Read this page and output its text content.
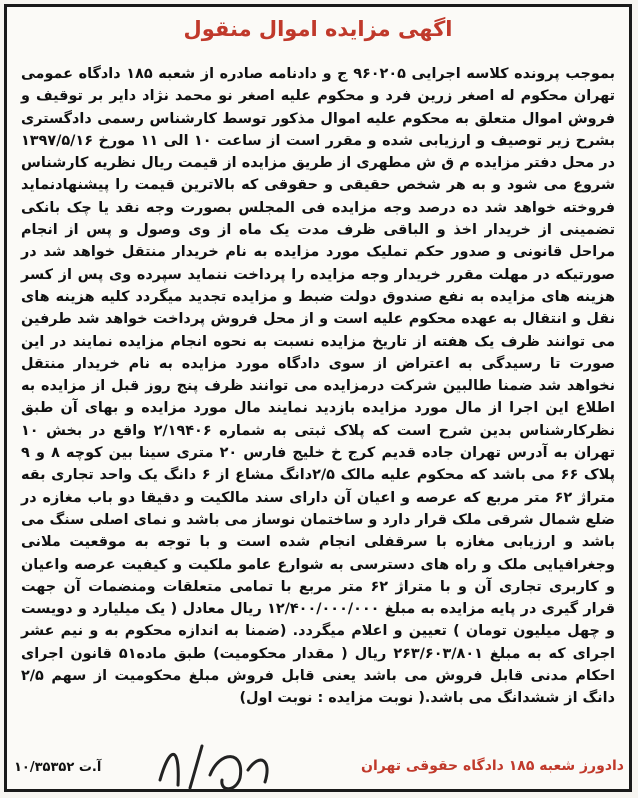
اگهی مزایده اموال منقول
بموجب پرونده کلاسه اجرایی ۹۶۰۲۰۵ ج و دادنامه صادره از شعبه ۱۸۵ دادگاه عمومی تهران محکوم له اصغر زرین فرد و محکوم علیه اصغر نو محمد نژاد دایر بر توقیف و فروش اموال متعلق به محکوم علیه اموال مذکور توسط کارشناس رسمی دادگستری بشرح زیر توصیف و ارزیابی شده و مقرر است از ساعت ۱۰ الی ۱۱ مورخ ۱۳۹۷/۵/۱۶ در محل دفتر مزایده م ق ش مطهری از طریق مزایده از قیمت ریال نظریه کارشناس شروع می شود و به هر شخص حقیقی و حقوقی که بالاترین قیمت را پیشنهادنماید فروخته خواهد شد ده درصد وجه مزایده فی المجلس بصورت وجه نقد یا چک بانکی تضمینی از خریدار اخذ و الباقی ظرف مدت یک ماه از وی وصول و پس از انجام مراحل قانونی و صدور حکم تملیک مورد مزایده به نام خریدار منتقل خواهد شد در صورتیکه در مهلت مقرر خریدار وجه مزایده را پرداخت ننماید سپرده وی پس از کسر هزینه های مزایده به نفع صندوق دولت ضبط و مزایده تجدید میگردد کلیه هزینه های نقل و انتقال به عهده محکوم علیه است و از محل فروش پرداخت خواهد شد طرفین می توانند ظرف یک هفته از تاریخ مزایده نسبت به نحوه انجام مزایده نمایند در این صورت تا رسیدگی به اعتراض از سوی دادگاه مورد مزایده به نام خریدار منتقل نخواهد شد ضمنا طالبین شرکت درمزایده می توانند ظرف پنج روز قبل از مزایده به اطلاع این اجرا از مال مورد مزایده بازدید نمایند مال مورد مزایده و بهای آن طبق نظرکارشناس بدین شرح است که پلاک ثبتی به شماره ۲/۱۹۴۰۶ واقع در بخش ۱۰ تهران به آدرس تهران جاده قدیم کرج خ خلیج فارس ۲۰ متری سینا بین کوچه ۸ و ۹ پلاک ۶۶ می باشد که محکوم علیه مالک ۲/۵دانگ مشاع از ۶ دانگ یک واحد تجاری بقه متراژ ۶۲ متر مربع که عرصه و اعیان آن دارای سند مالکیت و دقیقا دو باب مغازه در ضلع شمال شرقی ملک قرار دارد و ساختمان نوساز می باشد و نمای اصلی سنگ می باشد و ارزیابی مغازه با سرقفلی انجام شده است و با توجه به موقعیت ملانی وجغرافیایی ملک و راه های دسترسی به شوارع عامو ملکیت و کیفیت عرصه واعیان و کاربری تجاری آن و با متراژ ۶۲ متر مربع با تمامی متعلقات ومنضمات آن جهت قرار گیری در پایه مزایده به مبلغ ۱۲/۴۰۰/۰۰۰/۰۰۰ ریال معادل ( یک میلیارد و دویست و چهل میلیون تومان ) تعیین و اعلام میگردد. (ضمنا به اندازه محکوم به و نیم عشر اجرای که به مبلغ ۲۶۳/۶۰۳/۸۰۱ ریال ( مقدار محکومیت) طبق ماده۵۱ قانون اجرای احکام مدنی قابل فروش می باشد یعنی قابل فروش مبلغ محکومیت از سهم ۲/۵ دانگ از ششدانگ می باشد.( نوبت مزایده : نوبت اول)
دادورز شعبه ۱۸۵ دادگاه حقوقی تهران
۱۰/۳۵۳۵۲ آ.ت
